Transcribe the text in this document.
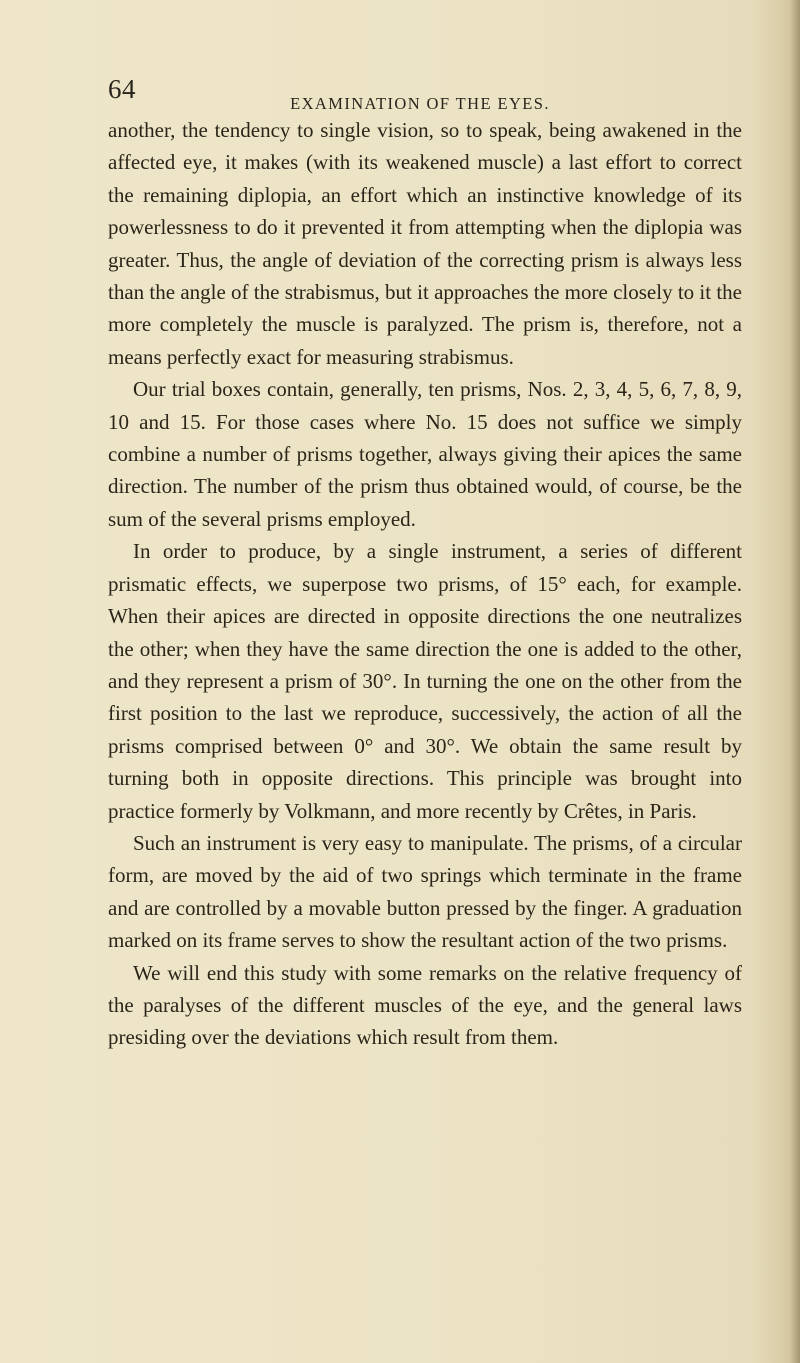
64	EXAMINATION OF THE EYES.

another, the tendency to single vision, so to speak, being awakened in the affected eye, it makes (with its weakened muscle) a last effort to correct the remaining diplopia, an effort which an instinctive knowledge of its powerlessness to do it prevented it from attempting when the diplopia was greater. Thus, the angle of deviation of the correcting prism is always less than the angle of the strabismus, but it approaches the more closely to it the more completely the muscle is paralyzed. The prism is, therefore, not a means perfectly exact for measuring strabismus.

Our trial boxes contain, generally, ten prisms, Nos. 2, 3, 4, 5, 6, 7, 8, 9, 10 and 15. For those cases where No. 15 does not suffice we simply combine a number of prisms together, always giving their apices the same direction. The number of the prism thus obtained would, of course, be the sum of the several prisms employed.

In order to produce, by a single instrument, a series of different prismatic effects, we superpose two prisms, of 15° each, for example. When their apices are directed in opposite directions the one neutralizes the other; when they have the same direction the one is added to the other, and they represent a prism of 30°. In turning the one on the other from the first position to the last we reproduce, successively, the action of all the prisms comprised between 0° and 30°. We obtain the same result by turning both in opposite directions. This principle was brought into practice formerly by Volkmann, and more recently by Crêtes, in Paris.

Such an instrument is very easy to manipulate. The prisms, of a circular form, are moved by the aid of two springs which terminate in the frame and are controlled by a movable button pressed by the finger. A graduation marked on its frame serves to show the resultant action of the two prisms.

We will end this study with some remarks on the relative frequency of the paralyses of the different muscles of the eye, and the general laws presiding over the deviations which result from them.
